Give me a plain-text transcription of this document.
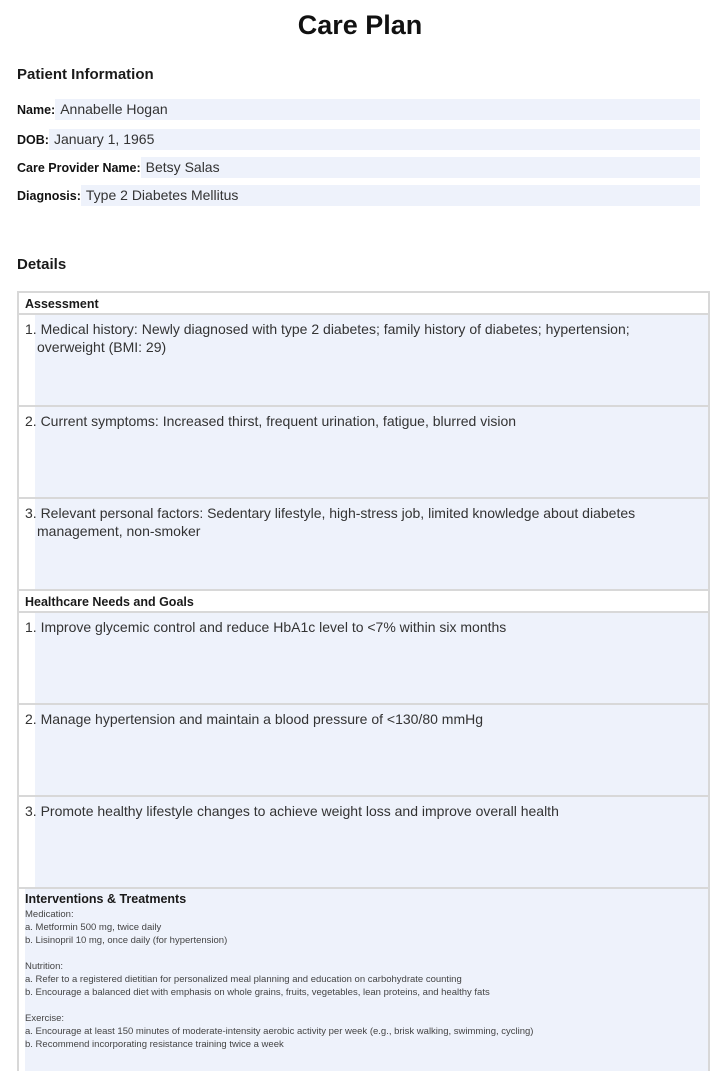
Care Plan
Patient Information
Name: Annabelle Hogan
DOB: January 1, 1965
Care Provider Name: Betsy Salas
Diagnosis: Type 2 Diabetes Mellitus
Details
Assessment
1. Medical history: Newly diagnosed with type 2 diabetes; family history of diabetes; hypertension; overweight (BMI: 29)
2. Current symptoms: Increased thirst, frequent urination, fatigue, blurred vision
3. Relevant personal factors: Sedentary lifestyle, high-stress job, limited knowledge about diabetes management, non-smoker
Healthcare Needs and Goals
1. Improve glycemic control and reduce HbA1c level to <7% within six months
2. Manage hypertension and maintain a blood pressure of <130/80 mmHg
3. Promote healthy lifestyle changes to achieve weight loss and improve overall health
Interventions & Treatments
Medication:
a. Metformin 500 mg, twice daily
b. Lisinopril 10 mg, once daily (for hypertension)
Nutrition:
a. Refer to a registered dietitian for personalized meal planning and education on carbohydrate counting
b. Encourage a balanced diet with emphasis on whole grains, fruits, vegetables, lean proteins, and healthy fats
Exercise:
a. Encourage at least 150 minutes of moderate-intensity aerobic activity per week (e.g., brisk walking, swimming, cycling)
b. Recommend incorporating resistance training twice a week
